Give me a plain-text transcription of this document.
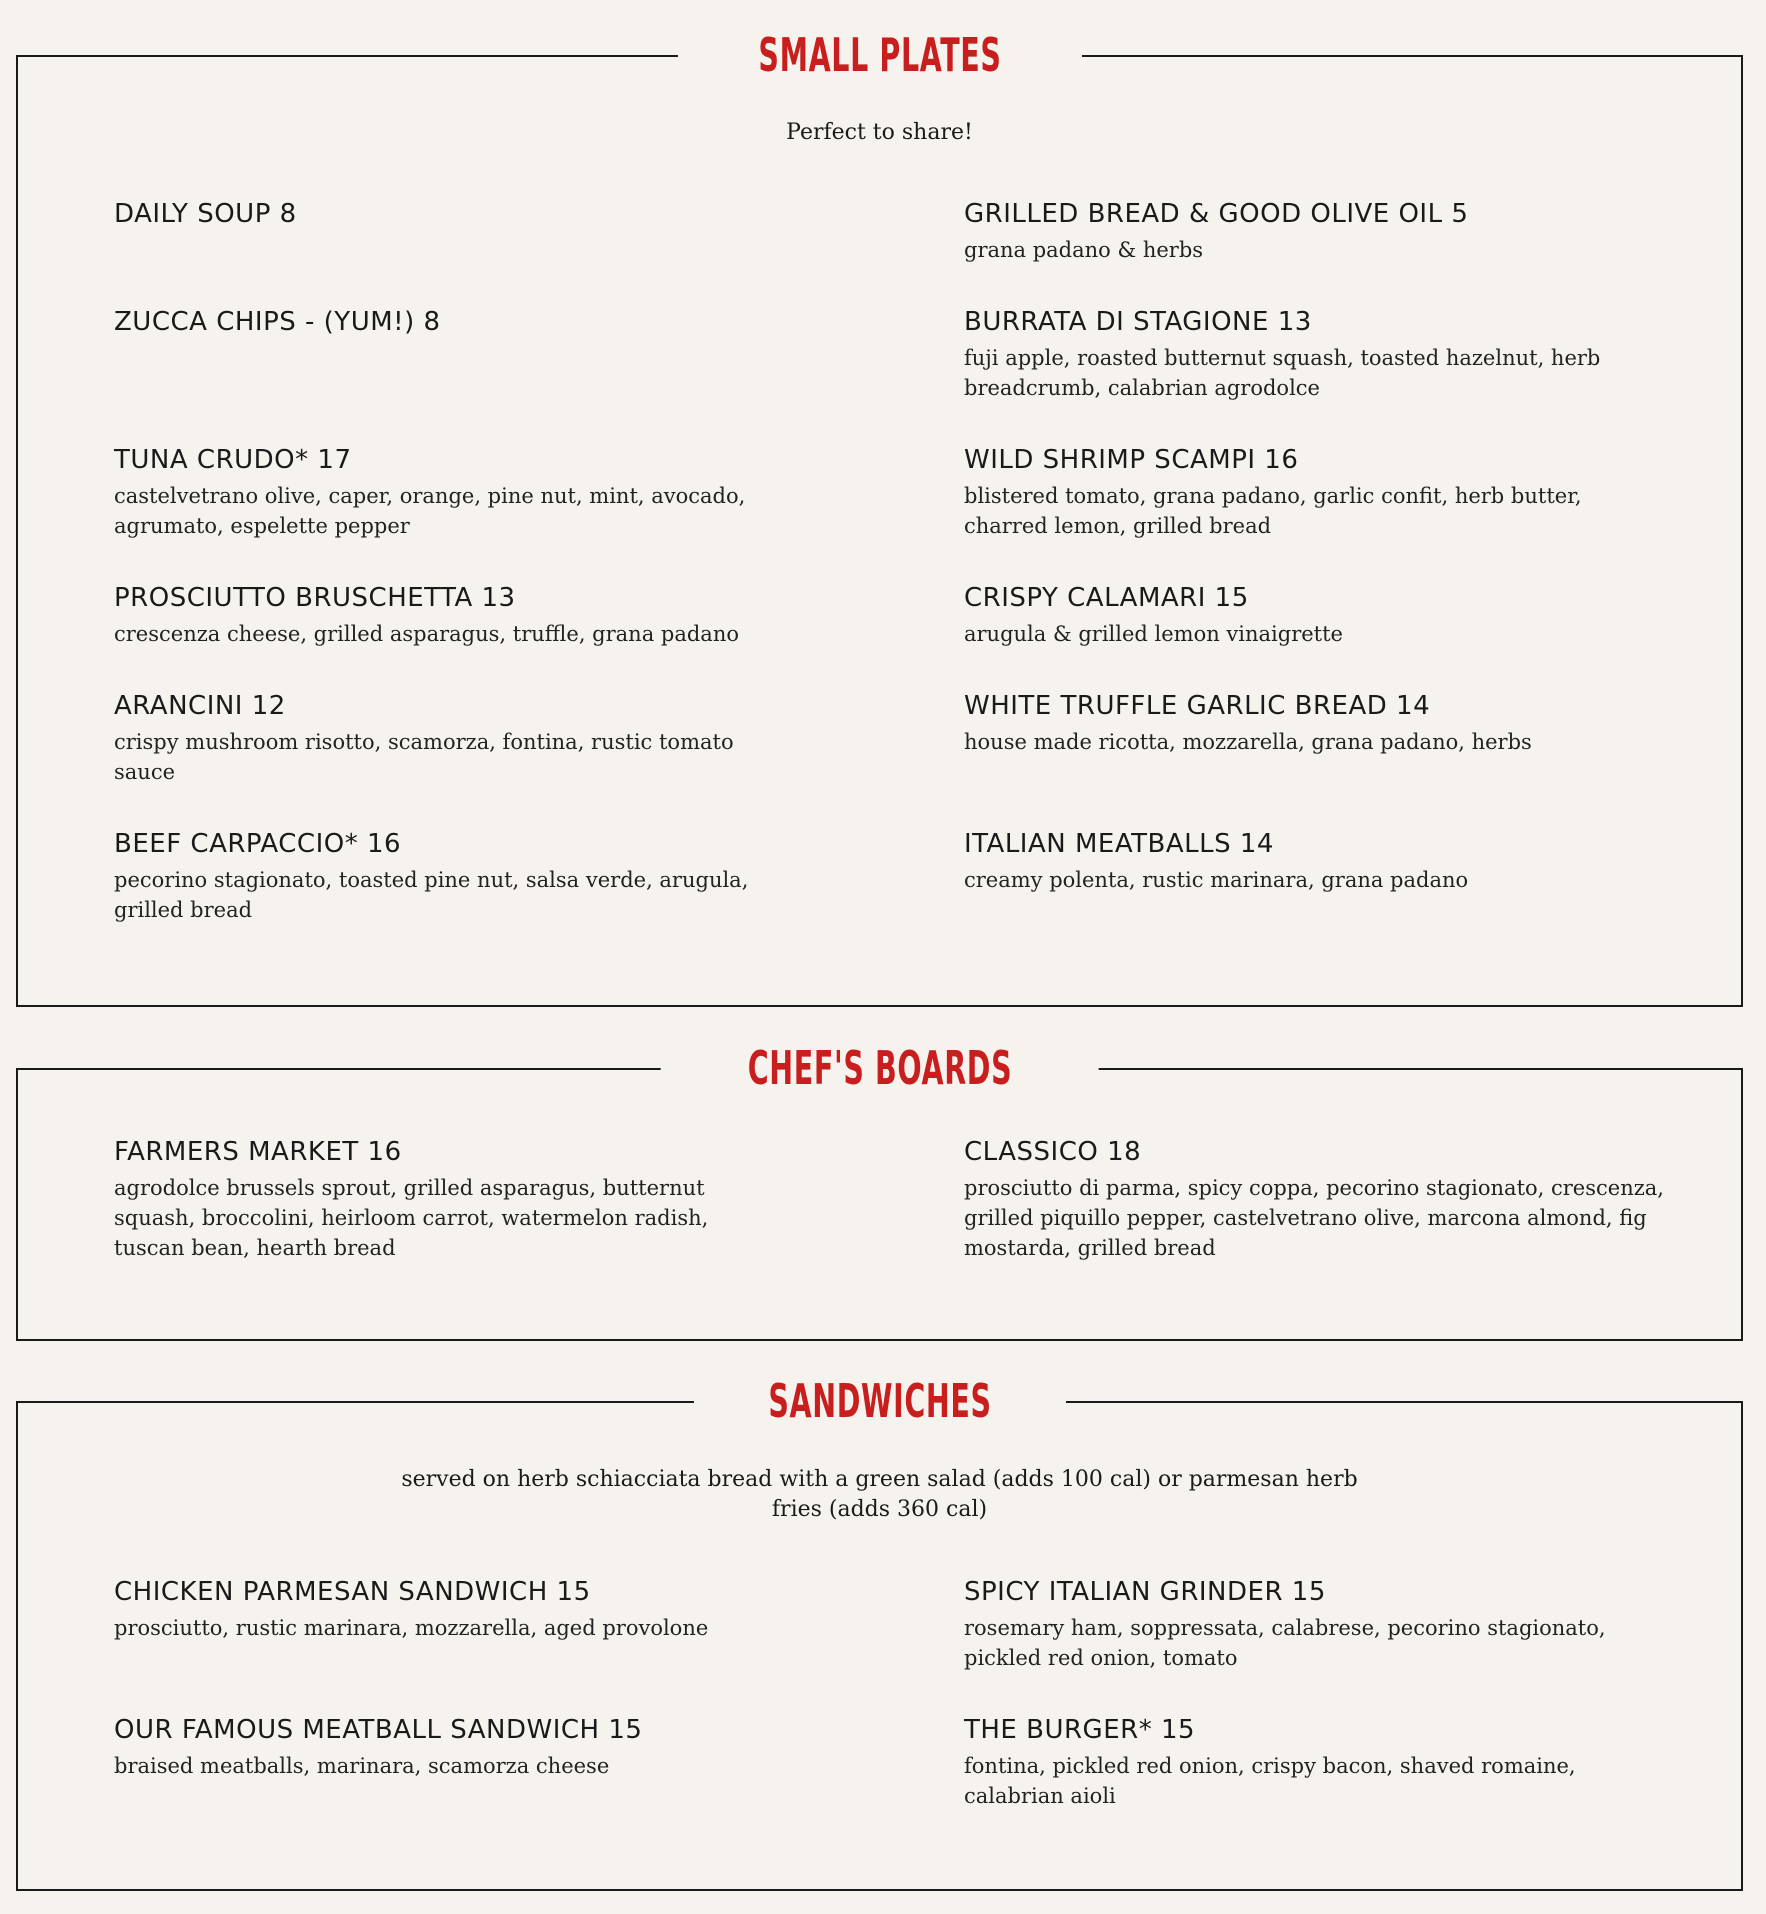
SMALL PLATES
Perfect to share!
DAILY SOUP 8	GRILLED BREAD & GOOD OLIVE OIL 5
grana padano & herbs
ZUCCA CHIPS - (YUM!) 8	BURRATA DI STAGIONE 13
fuji apple, roasted butternut squash, toasted hazelnut, herb breadcrumb, calabrian agrodolce
TUNA CRUDO* 17
castelvetrano olive, caper, orange, pine nut, mint, avocado, agrumato, espelette pepper
WILD SHRIMP SCAMPI 16
blistered tomato, grana padano, garlic confit, herb butter, charred lemon, grilled bread
PROSCIUTTO BRUSCHETTA 13
crescenza cheese, grilled asparagus, truffle, grana padano
CRISPY CALAMARI 15
arugula & grilled lemon vinaigrette
ARANCINI 12
crispy mushroom risotto, scamorza, fontina, rustic tomato sauce
WHITE TRUFFLE GARLIC BREAD 14
house made ricotta, mozzarella, grana padano, herbs
BEEF CARPACCIO* 16
pecorino stagionato, toasted pine nut, salsa verde, arugula, grilled bread
ITALIAN MEATBALLS 14
creamy polenta, rustic marinara, grana padano
CHEF'S BOARDS
FARMERS MARKET 16
agrodolce brussels sprout, grilled asparagus, butternut squash, broccolini, heirloom carrot, watermelon radish, tuscan bean, hearth bread
CLASSICO 18
prosciutto di parma, spicy coppa, pecorino stagionato, crescenza, grilled piquillo pepper, castelvetrano olive, marcona almond, fig mostarda, grilled bread
SANDWICHES
served on herb schiacciata bread with a green salad (adds 100 cal) or parmesan herb fries (adds 360 cal)
CHICKEN PARMESAN SANDWICH 15
prosciutto, rustic marinara, mozzarella, aged provolone
SPICY ITALIAN GRINDER 15
rosemary ham, soppressata, calabrese, pecorino stagionato, pickled red onion, tomato
OUR FAMOUS MEATBALL SANDWICH 15
braised meatballs, marinara, scamorza cheese
THE BURGER* 15
fontina, pickled red onion, crispy bacon, shaved romaine, calabrian aioli
